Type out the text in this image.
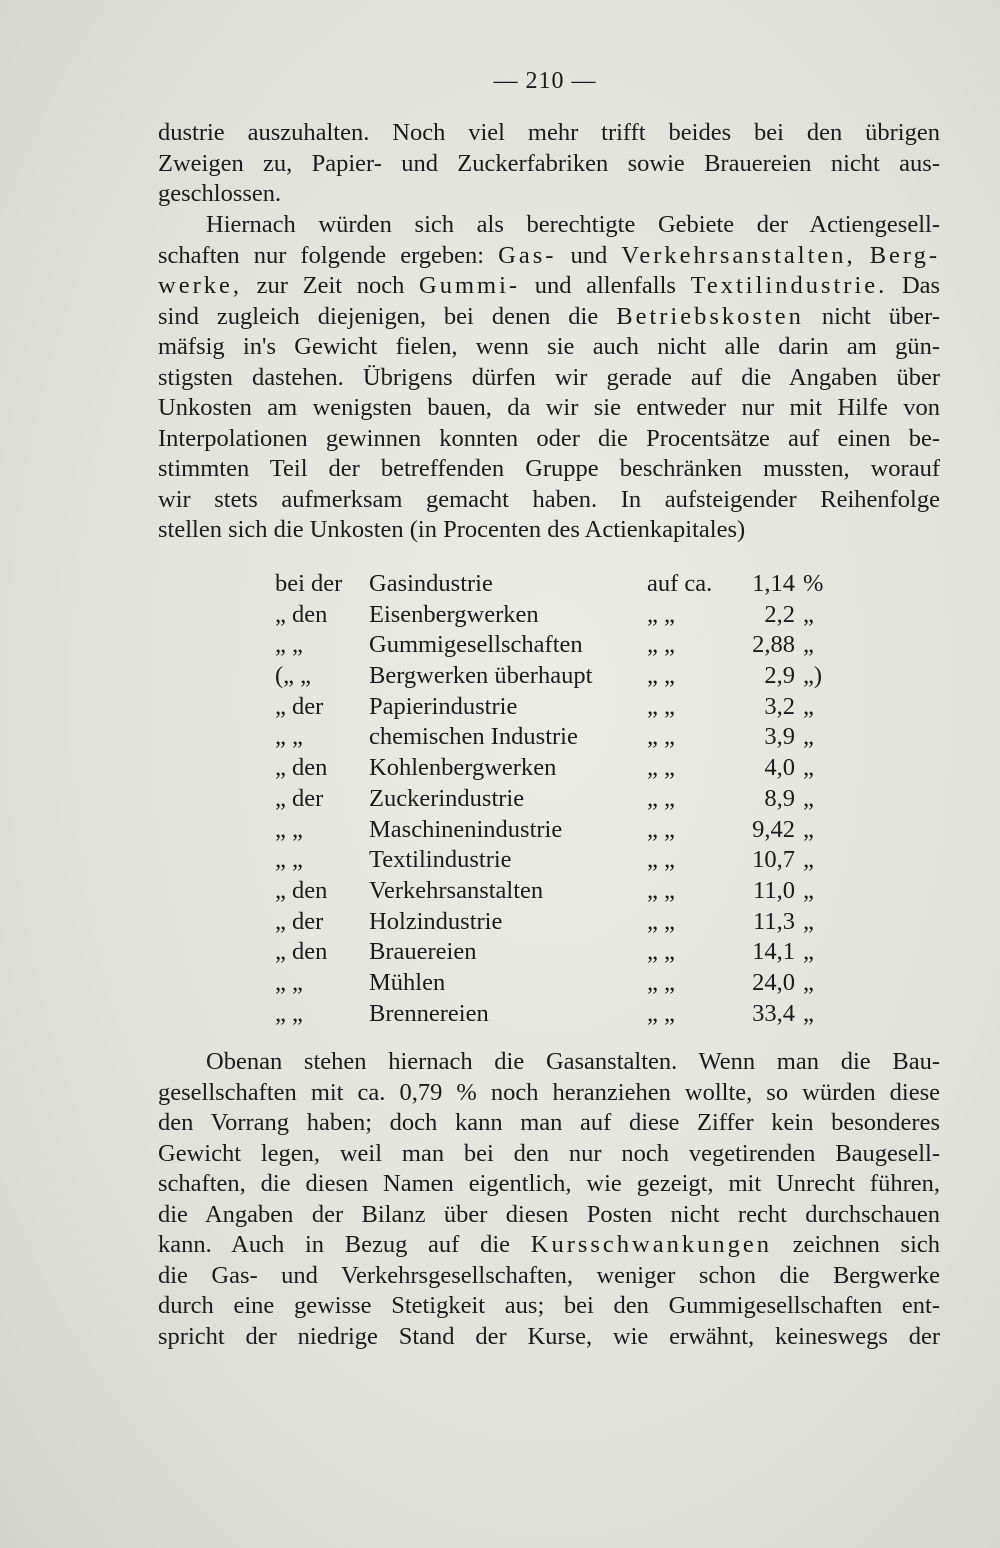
— 210 —
dustrie auszuhalten. Noch viel mehr trifft beides bei den übrigen
Zweigen zu, Papier- und Zuckerfabriken sowie Brauereien nicht aus-
geschlossen.
Hiernach würden sich als berechtigte Gebiete der Actiengesell-
schaften nur folgende ergeben: Gas- und Verkehrsanstalten, Berg-
werke, zur Zeit noch Gummi- und allenfalls Textilindustrie. Das
sind zugleich diejenigen, bei denen die Betriebskosten nicht über-
mäfsig in's Gewicht fielen, wenn sie auch nicht alle darin am gün-
stigsten dastehen. Übrigens dürfen wir gerade auf die Angaben über
Unkosten am wenigsten bauen, da wir sie entweder nur mit Hilfe von
Interpolationen gewinnen konnten oder die Procentsätze auf einen be-
stimmten Teil der betreffenden Gruppe beschränken mussten, worauf
wir stets aufmerksam gemacht haben. In aufsteigender Reihenfolge
stellen sich die Unkosten (in Procenten des Actienkapitales)
bei der Gasindustrie	auf ca.	1,14 %
„ den Eisenbergwerken	„ „	2,2 „
„ „	Gummigesellschaften	„ „	2,88 „
(„ „ Bergwerken überhaupt „ „	2,9 „)
„ der Papierindustrie	„ „	3,2 „
„ „	chemischen Industrie	„ „	3,9 „
„ den Kohlenbergwerken	„ „	4,0 „
„ der Zuckerindustrie	„ „	8,9 „
„ „	Maschinenindustrie	„ „	9,42 „
„ „	Textilindustrie	„ „	10,7 „
„ den Verkehrsanstalten	„ „	11,0 „
„ der Holzindustrie	„ „	11,3 „
„ den Brauereien	„ „	14,1 „
„ „	Mühlen	„ „	24,0 „
„ „	Brennereien	„ „	33,4 „
Obenan stehen hiernach die Gasanstalten. Wenn man die Bau-
gesellschaften mit ca. 0,79 % noch heranziehen wollte, so würden diese
den Vorrang haben; doch kann man auf diese Ziffer kein besonderes
Gewicht legen, weil man bei den nur noch vegetirenden Baugesell-
schaften, die diesen Namen eigentlich, wie gezeigt, mit Unrecht führen,
die Angaben der Bilanz über diesen Posten nicht recht durchschauen
kann. Auch in Bezug auf die Kursschwankungen zeichnen sich
die Gas- und Verkehrsgesellschaften, weniger schon die Bergwerke
durch eine gewisse Stetigkeit aus; bei den Gummigesellschaften ent-
spricht der niedrige Stand der Kurse, wie erwähnt, keineswegs der
